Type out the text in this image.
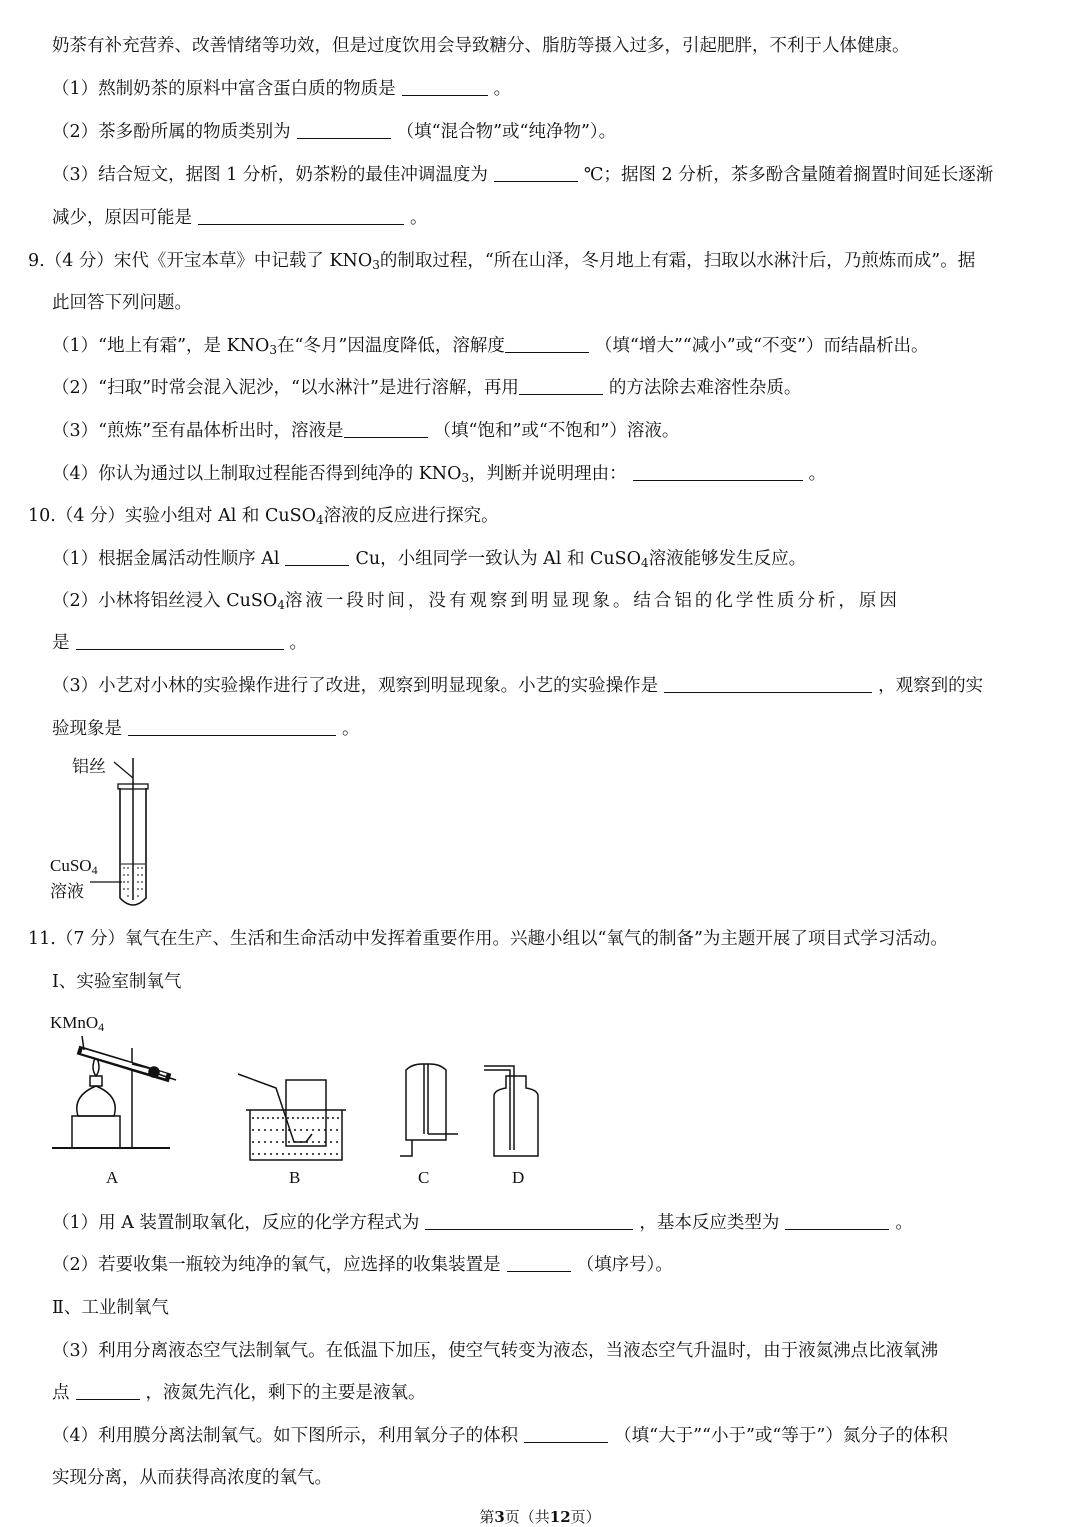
奶茶有补充营养、改善情绪等功效，但是过度饮用会导致糖分、脂肪等摄入过多，引起肥胖，不利于人体健康。
（1）熬制奶茶的原料中富含蛋白质的物质是	。
（2）茶多酚所属的物质类别为	（填“混合物”或“纯净物”）。
（3）结合短文，据图 1 分析，奶茶粉的最佳冲调温度为	℃；据图 2 分析，茶多酚含量随着搁置时间延长逐渐
减少，原因可能是	。
9.（4 分）宋代《开宝本草》中记载了 $KNO_3$的制取过程，“所在山泽，冬月地上有霜，扫取以水淋汁后，乃煎炼而成”。据
此回答下列问题。
（1）“地上有霜”，是 $KNO_3$在“冬月”因温度降低，溶解度	（填“增大”“减小”或“不变”）而结晶析出。
（2）“扫取”时常会混入泥沙，“以水淋汁”是进行溶解，再用	的方法除去难溶性杂质。
（3）“煎炼”至有晶体析出时，溶液是	（填“饱和”或“不饱和”）溶液。
（4）你认为通过以上制取过程能否得到纯净的 $KNO_3$，判断并说明理由：	。
10.（4 分）实验小组对 Al 和 CuSO$_4$溶液的反应进行探究。
（1）根据金属活动性顺序 Al	Cu，小组同学一致认为 Al 和 CuSO$_4$溶液能够发生反应。
（2）小林将铝丝浸入 CuSO$_4$溶液一段时间，没有观察到明显现象。结合铝的化学性质分析，原因
是	。
（3）小艺对小林的实验操作进行了改进，观察到明显现象。小艺的实验操作是	，观察到的实
验现象是	。
铝丝
CuSO$_4$
溶液
11.（7 分）氧气在生产、生活和生命活动中发挥着重要作用。兴趣小组以“氧气的制备”为主题开展了项目式学习活动。
I、实验室制氧气
KMnO$_4$
A	B	C	D
（1）用 A 装置制取氧化，反应的化学方程式为	，基本反应类型为	。
（2）若要收集一瓶较为纯净的氧气，应选择的收集装置是	（填序号）。
Ⅱ、工业制氧气
（3）利用分离液态空气法制氧气。在低温下加压，使空气转变为液态，当液态空气升温时，由于液氮沸点比液氧沸
点	，液氮先汽化，剩下的主要是液氧。
（4）利用膜分离法制氧气。如下图所示，利用氧分子的体积	（填“大于”“小于”或“等于”）氮分子的体积
实现分离，从而获得高浓度的氧气。
第3页（共12页）
